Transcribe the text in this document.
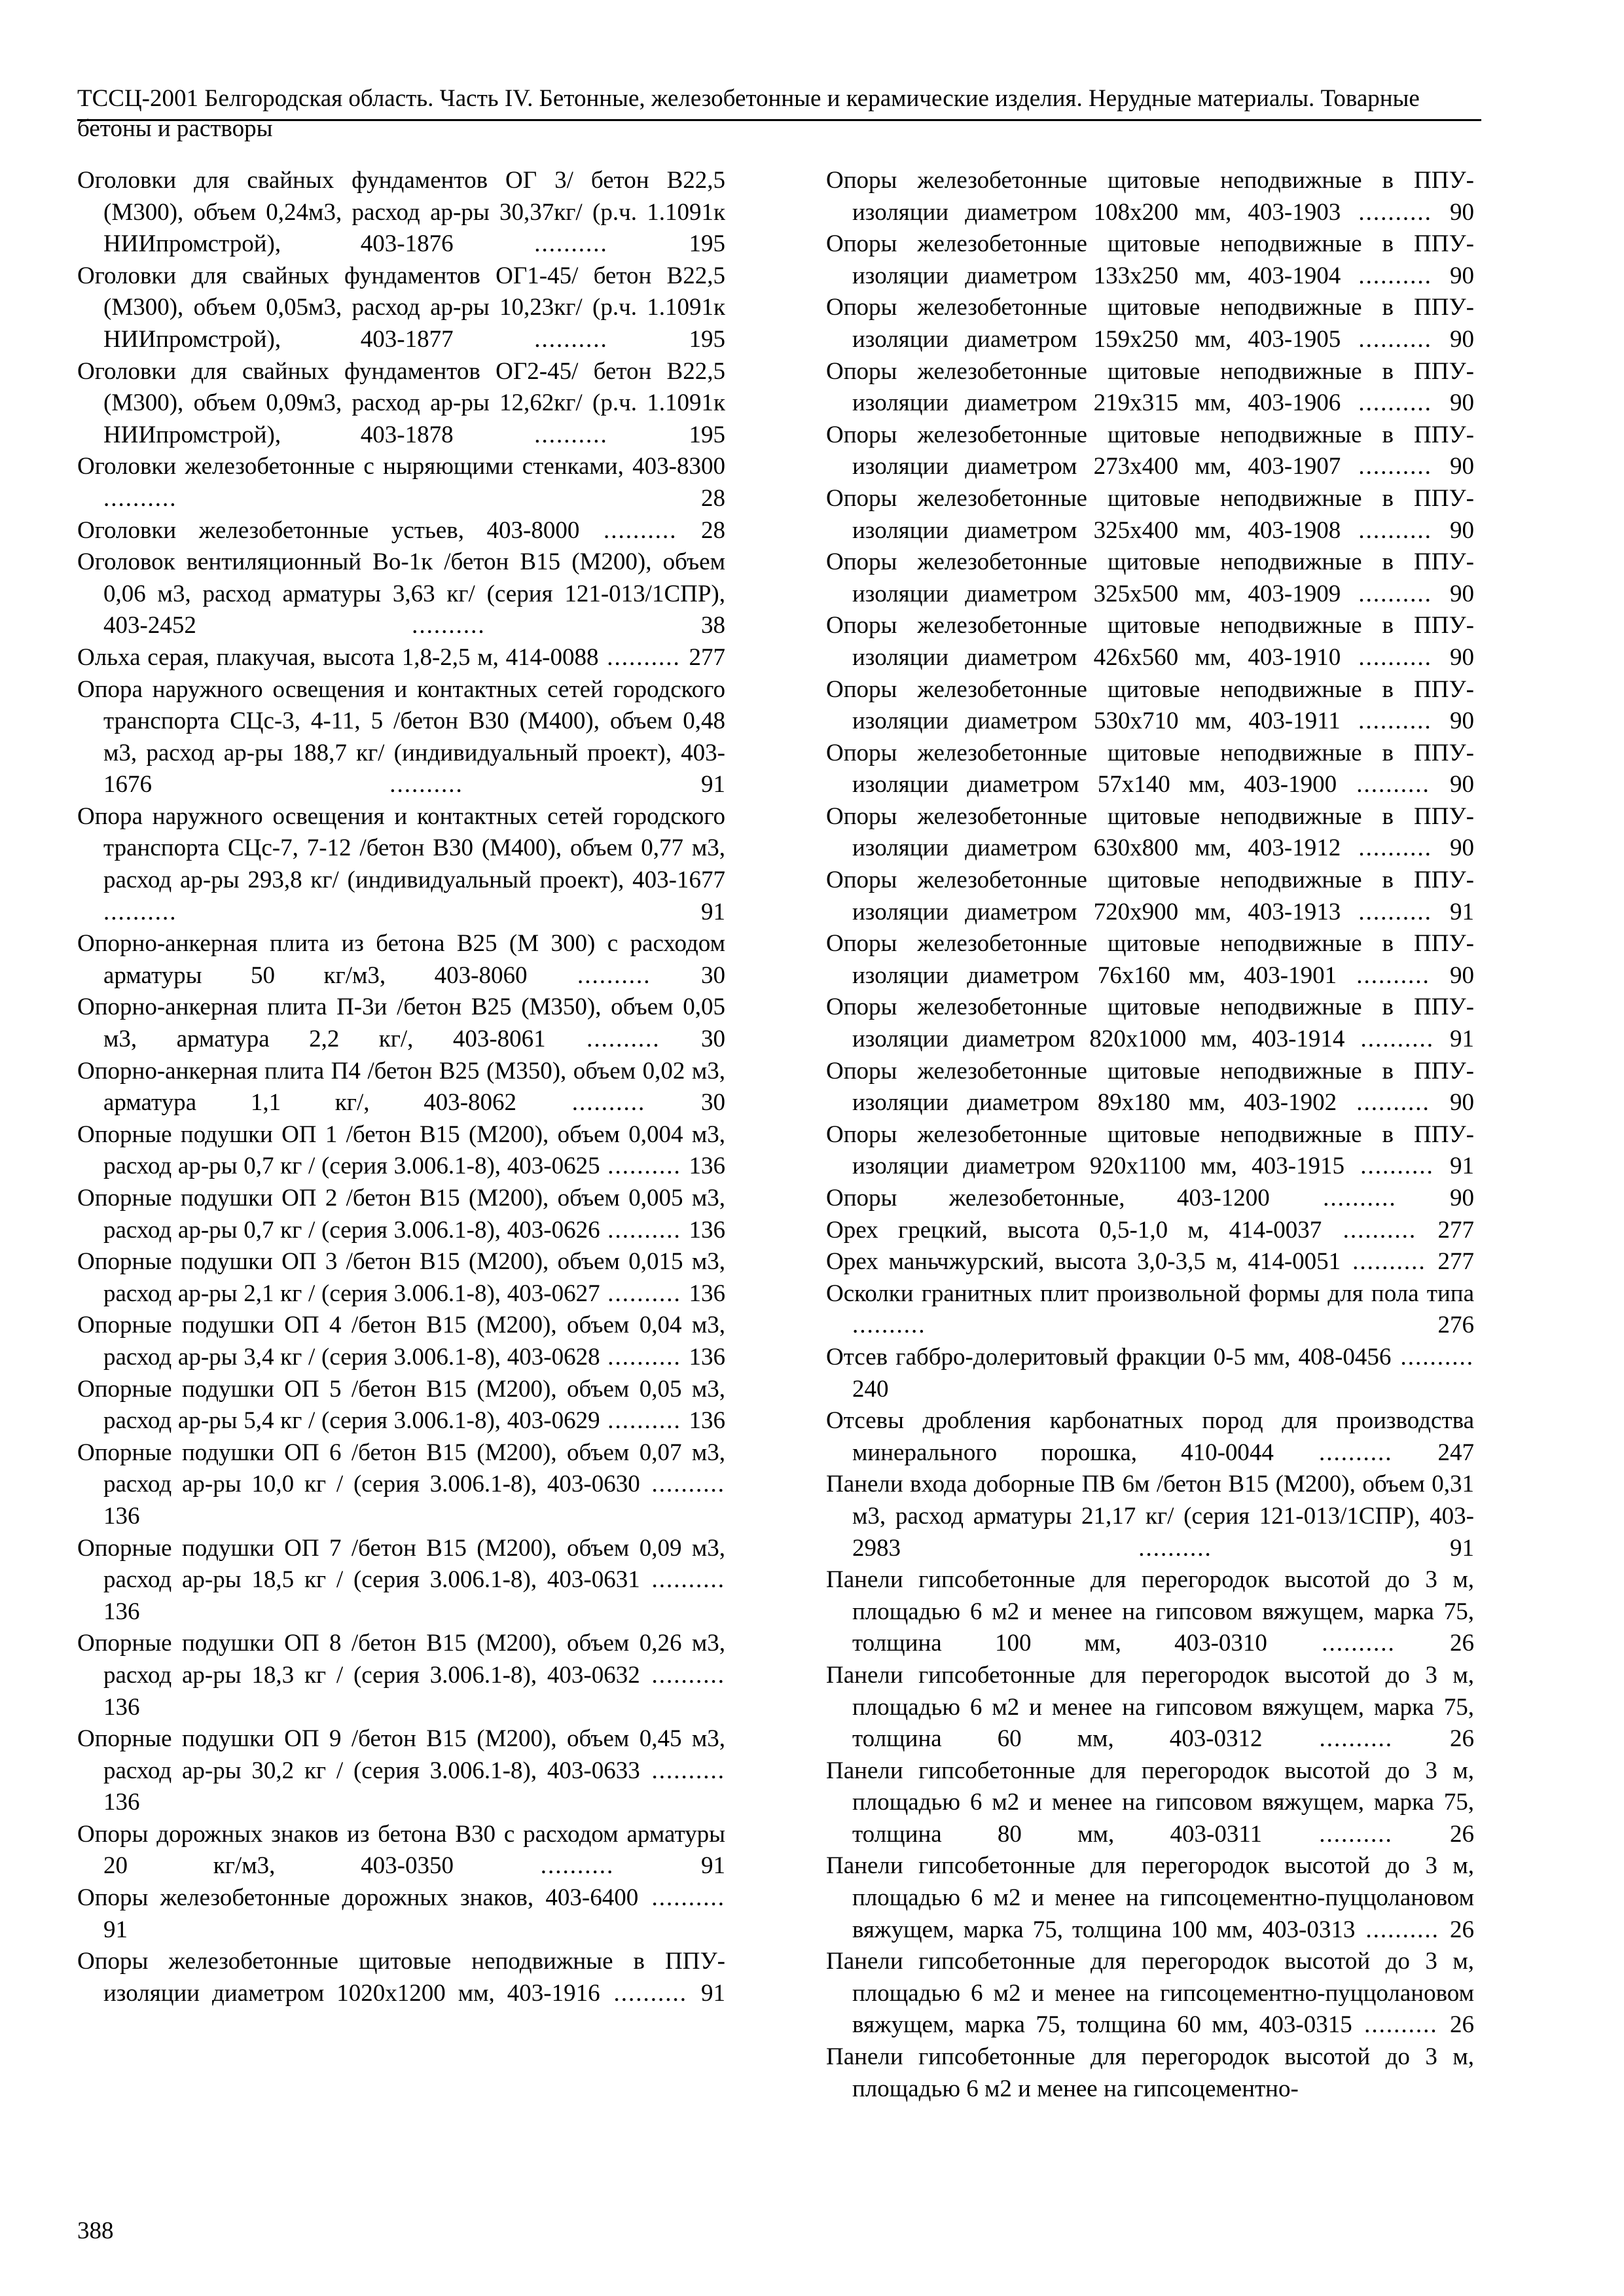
ТССЦ-2001 Белгородская область. Часть IV. Бетонные, железобетонные и керамические изделия. Нерудные материалы. Товарные бетоны и растворы
Оголовки для свайных фундаментов ОГ 3/ бетон В22,5 (М300), объем 0,24м3, расход ар-ры 30,37кг/ (р.ч. 1.1091к НИИпромстрой), 403-1876 .......... 195
Оголовки для свайных фундаментов ОГ1-45/ бетон В22,5 (М300), объем 0,05м3, расход ар-ры 10,23кг/ (р.ч. 1.1091к НИИпромстрой), 403-1877 .......... 195
Оголовки для свайных фундаментов ОГ2-45/ бетон В22,5 (М300), объем 0,09м3, расход ар-ры 12,62кг/ (р.ч. 1.1091к НИИпромстрой), 403-1878 .......... 195
Оголовки железобетонные с ныряющими стенками, 403-8300 .......... 28
Оголовки железобетонные устьев, 403-8000 .......... 28
Оголовок вентиляционный Во-1к /бетон В15 (М200), объем 0,06 м3, расход арматуры 3,63 кг/ (серия 121-013/1СПР), 403-2452 .......... 38
Ольха серая, плакучая, высота 1,8-2,5 м, 414-0088 .......... 277
Опора наружного освещения и контактных сетей городского транспорта СЦс-3, 4-11, 5 /бетон В30 (М400), объем 0,48 м3, расход ар-ры 188,7 кг/ (индивидуальный проект), 403-1676 .......... 91
Опора наружного освещения и контактных сетей городского транспорта СЦс-7, 7-12 /бетон В30 (М400), объем 0,77 м3, расход ар-ры 293,8 кг/ (индивидуальный проект), 403-1677 .......... 91
Опорно-анкерная плита из бетона В25 (М 300) с расходом арматуры 50 кг/м3, 403-8060 .......... 30
Опорно-анкерная плита П-3и /бетон В25 (М350), объем 0,05 м3, арматура 2,2 кг/, 403-8061 .......... 30
Опорно-анкерная плита П4 /бетон В25 (М350), объем 0,02 м3, арматура 1,1 кг/, 403-8062 .......... 30
Опорные подушки ОП 1 /бетон В15 (М200), объем 0,004 м3, расход ар-ры 0,7 кг / (серия 3.006.1-8), 403-0625 .......... 136
Опорные подушки ОП 2 /бетон В15 (М200), объем 0,005 м3, расход ар-ры 0,7 кг / (серия 3.006.1-8), 403-0626 .......... 136
Опорные подушки ОП 3 /бетон В15 (М200), объем 0,015 м3, расход ар-ры 2,1 кг / (серия 3.006.1-8), 403-0627 .......... 136
Опорные подушки ОП 4 /бетон В15 (М200), объем 0,04 м3, расход ар-ры 3,4 кг / (серия 3.006.1-8), 403-0628 .......... 136
Опорные подушки ОП 5 /бетон В15 (М200), объем 0,05 м3, расход ар-ры 5,4 кг / (серия 3.006.1-8), 403-0629 .......... 136
Опорные подушки ОП 6 /бетон В15 (М200), объем 0,07 м3, расход ар-ры 10,0 кг / (серия 3.006.1-8), 403-0630 .......... 136
Опорные подушки ОП 7 /бетон В15 (М200), объем 0,09 м3, расход ар-ры 18,5 кг / (серия 3.006.1-8), 403-0631 .......... 136
Опорные подушки ОП 8 /бетон В15 (М200), объем 0,26 м3, расход ар-ры 18,3 кг / (серия 3.006.1-8), 403-0632 .......... 136
Опорные подушки ОП 9 /бетон В15 (М200), объем 0,45 м3, расход ар-ры 30,2 кг / (серия 3.006.1-8), 403-0633 .......... 136
Опоры дорожных знаков из бетона В30 с расходом арматуры 20 кг/м3, 403-0350 .......... 91
Опоры железобетонные дорожных знаков, 403-6400 .......... 91
Опоры железобетонные щитовые неподвижные в ППУ-изоляции диаметром 1020х1200 мм, 403-1916 .......... 91
Опоры железобетонные щитовые неподвижные в ППУ-изоляции диаметром 108х200 мм, 403-1903 .......... 90
Опоры железобетонные щитовые неподвижные в ППУ-изоляции диаметром 133х250 мм, 403-1904 .......... 90
Опоры железобетонные щитовые неподвижные в ППУ-изоляции диаметром 159х250 мм, 403-1905 .......... 90
Опоры железобетонные щитовые неподвижные в ППУ-изоляции диаметром 219х315 мм, 403-1906 .......... 90
Опоры железобетонные щитовые неподвижные в ППУ-изоляции диаметром 273х400 мм, 403-1907 .......... 90
Опоры железобетонные щитовые неподвижные в ППУ-изоляции диаметром 325х400 мм, 403-1908 .......... 90
Опоры железобетонные щитовые неподвижные в ППУ-изоляции диаметром 325х500 мм, 403-1909 .......... 90
Опоры железобетонные щитовые неподвижные в ППУ-изоляции диаметром 426х560 мм, 403-1910 .......... 90
Опоры железобетонные щитовые неподвижные в ППУ-изоляции диаметром 530х710 мм, 403-1911 .......... 90
Опоры железобетонные щитовые неподвижные в ППУ-изоляции диаметром 57х140 мм, 403-1900 .......... 90
Опоры железобетонные щитовые неподвижные в ППУ-изоляции диаметром 630х800 мм, 403-1912 .......... 90
Опоры железобетонные щитовые неподвижные в ППУ-изоляции диаметром 720х900 мм, 403-1913 .......... 91
Опоры железобетонные щитовые неподвижные в ППУ-изоляции диаметром 76х160 мм, 403-1901 .......... 90
Опоры железобетонные щитовые неподвижные в ППУ-изоляции диаметром 820х1000 мм, 403-1914 .......... 91
Опоры железобетонные щитовые неподвижные в ППУ-изоляции диаметром 89х180 мм, 403-1902 .......... 90
Опоры железобетонные щитовые неподвижные в ППУ-изоляции диаметром 920х1100 мм, 403-1915 .......... 91
Опоры железобетонные, 403-1200 .......... 90
Орех грецкий, высота 0,5-1,0 м, 414-0037 .......... 277
Орех маньчжурский, высота 3,0-3,5 м, 414-0051 .......... 277
Осколки гранитных плит произвольной формы для пола типа .......... 276
Отсев габбро-долеритовый фракции 0-5 мм, 408-0456 .......... 240
Отсевы дробления карбонатных пород для производства минерального порошка, 410-0044 .......... 247
Панели входа доборные ПВ 6м /бетон В15 (М200), объем 0,31 м3, расход арматуры 21,17 кг/ (серия 121-013/1СПР), 403-2983 .......... 91
Панели гипсобетонные для перегородок высотой до 3 м, площадью 6 м2 и менее на гипсовом вяжущем, марка 75, толщина 100 мм, 403-0310 .......... 26
Панели гипсобетонные для перегородок высотой до 3 м, площадью 6 м2 и менее на гипсовом вяжущем, марка 75, толщина 60 мм, 403-0312 .......... 26
Панели гипсобетонные для перегородок высотой до 3 м, площадью 6 м2 и менее на гипсовом вяжущем, марка 75, толщина 80 мм, 403-0311 .......... 26
Панели гипсобетонные для перегородок высотой до 3 м, площадью 6 м2 и менее на гипсоцементно-пуццолановом вяжущем, марка 75, толщина 100 мм, 403-0313 .......... 26
Панели гипсобетонные для перегородок высотой до 3 м, площадью 6 м2 и менее на гипсоцементно-пуццолановом вяжущем, марка 75, толщина 60 мм, 403-0315 .......... 26
Панели гипсобетонные для перегородок высотой до 3 м, площадью 6 м2 и менее на гипсоцементно-
388
